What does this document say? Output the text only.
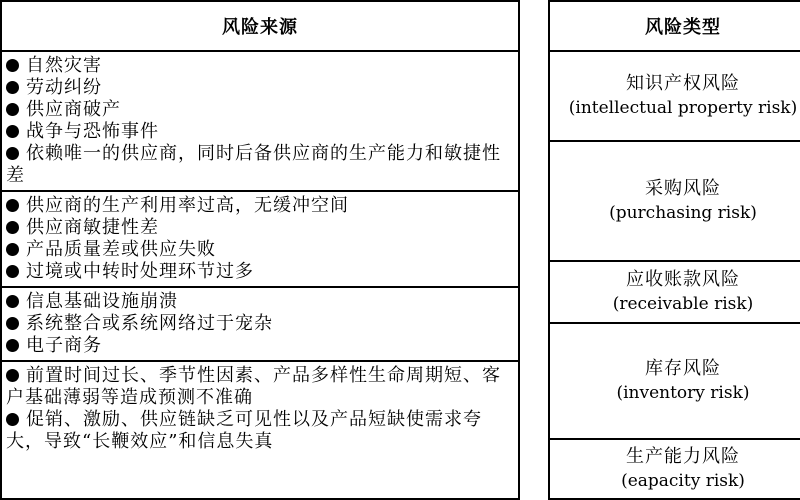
风险来源
自然灾害
劳动纠纷
供应商破产
战争与恐怖事件
依赖唯一的供应商，同时后备供应商的生产能力和敏捷性差
供应商的生产利用率过高，无缓冲空间
供应商敏捷性差
产品质量差或供应失败
过境或中转时处理环节过多
信息基础设施崩溃
系统整合或系统网络过于宠杂
电子商务
前置时间过长、季节性因素、产品多样性生命周期短、客户基础薄弱等造成预测不准确
促销、激励、供应链缺乏可见性以及产品短缺使需求夸大，导致“长鞭效应”和信息失真
风险类型
知识产权风险
(intellectual property risk)
采购风险
(purchasing risk)
应收账款风险
(receivable risk)
库存风险
(inventory risk)
生产能力风险
(eapacity risk)
